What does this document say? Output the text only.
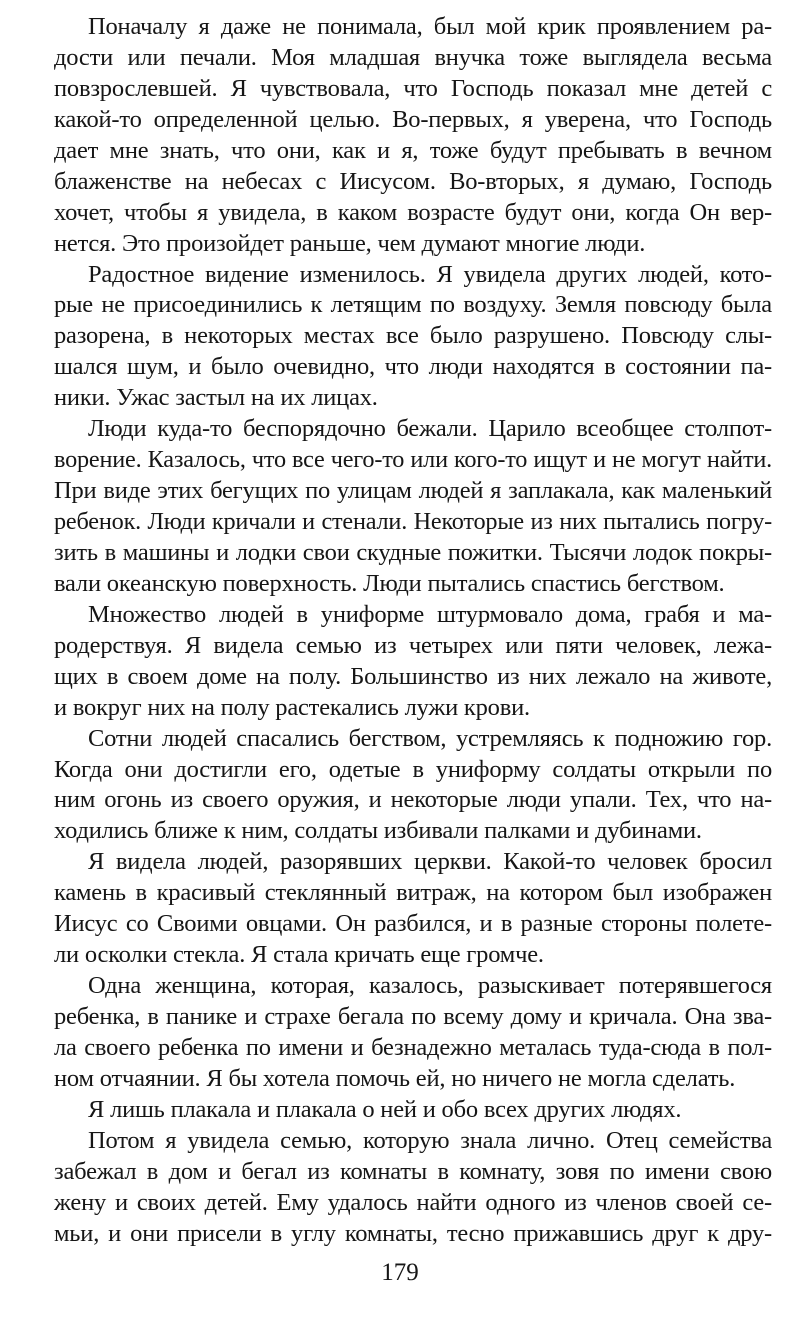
Поначалу я даже не понимала, был мой крик проявлением ра-
дости или печали. Моя младшая внучка тоже выглядела весьма
повзрослевшей. Я чувствовала, что Господь показал мне детей с
какой-то определенной целью. Во-первых, я уверена, что Господь
дает мне знать, что они, как и я, тоже будут пребывать в вечном
блаженстве на небесах с Иисусом. Во-вторых, я думаю, Господь
хочет, чтобы я увидела, в каком возрасте будут они, когда Он вер-
нется. Это произойдет раньше, чем думают многие люди.
Радостное видение изменилось. Я увидела других людей, кото-
рые не присоединились к летящим по воздуху. Земля повсюду была
разорена, в некоторых местах все было разрушено. Повсюду слы-
шался шум, и было очевидно, что люди находятся в состоянии па-
ники. Ужас застыл на их лицах.
Люди куда-то беспорядочно бежали. Царило всеобщее столпот-
ворение. Казалось, что все чего-то или кого-то ищут и не могут найти.
При виде этих бегущих по улицам людей я заплакала, как маленький
ребенок. Люди кричали и стенали. Некоторые из них пытались погру-
зить в машины и лодки свои скудные пожитки. Тысячи лодок покры-
вали океанскую поверхность. Люди пытались спастись бегством.
Множество людей в униформе штурмовало дома, грабя и ма-
родерствуя. Я видела семью из четырех или пяти человек, лежа-
щих в своем доме на полу. Большинство из них лежало на животе,
и вокруг них на полу растекались лужи крови.
Сотни людей спасались бегством, устремляясь к подножию гор.
Когда они достигли его, одетые в униформу солдаты открыли по
ним огонь из своего оружия, и некоторые люди упали. Тех, что на-
ходились ближе к ним, солдаты избивали палками и дубинами.
Я видела людей, разорявших церкви. Какой-то человек бросил
камень в красивый стеклянный витраж, на котором был изображен
Иисус со Своими овцами. Он разбился, и в разные стороны полете-
ли осколки стекла. Я стала кричать еще громче.
Одна женщина, которая, казалось, разыскивает потерявшегося
ребенка, в панике и страхе бегала по всему дому и кричала. Она зва-
ла своего ребенка по имени и безнадежно металась туда-сюда в пол-
ном отчаянии. Я бы хотела помочь ей, но ничего не могла сделать.
Я лишь плакала и плакала о ней и обо всех других людях.
Потом я увидела семью, которую знала лично. Отец семейства
забежал в дом и бегал из комнаты в комнату, зовя по имени свою
жену и своих детей. Ему удалось найти одного из членов своей се-
мьи, и они присели в углу комнаты, тесно прижавшись друг к дру-
179
